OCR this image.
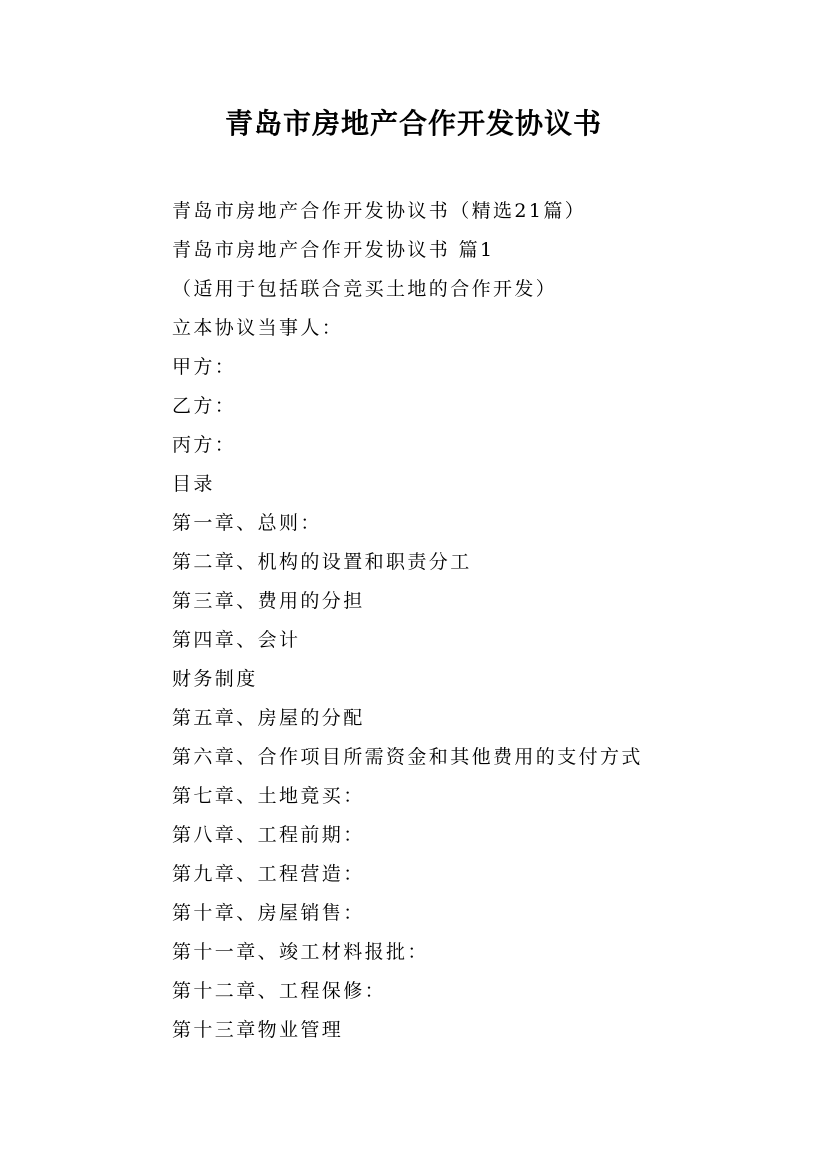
青岛市房地产合作开发协议书
青岛市房地产合作开发协议书（精选21篇）
青岛市房地产合作开发协议书 篇1
（适用于包括联合竞买土地的合作开发）
立本协议当事人：
甲方：
乙方：
丙方：
目录
第一章、总则：
第二章、机构的设置和职责分工
第三章、费用的分担
第四章、会计
财务制度
第五章、房屋的分配
第六章、合作项目所需资金和其他费用的支付方式
第七章、土地竟买：
第八章、工程前期：
第九章、工程营造：
第十章、房屋销售：
第十一章、竣工材料报批：
第十二章、工程保修：
第十三章物业管理
